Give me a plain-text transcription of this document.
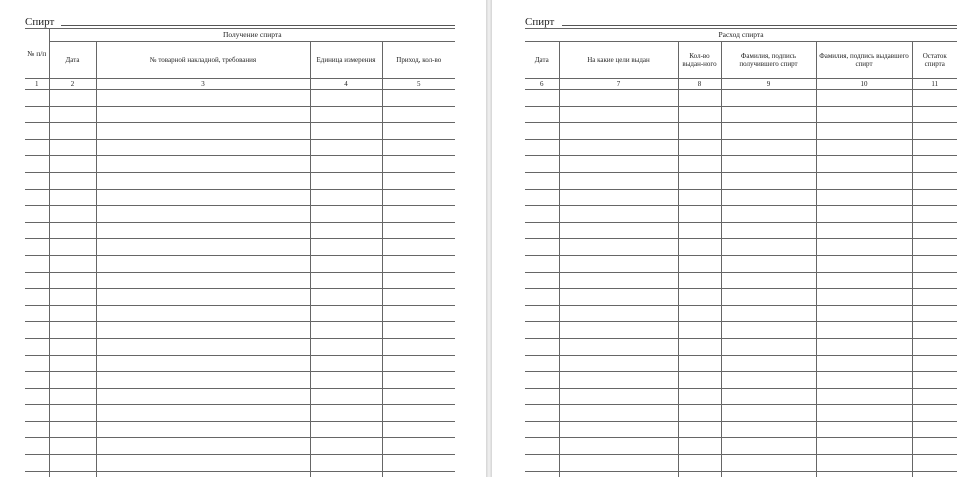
Спирт
№ п/п	Получение спирта			
	Дата	№ товарной накладной, требования	Единица измерения	Приход, кол-во
1	2	3	4	5

Спирт
Расход спирта					
Дата	На какие цели выдан	Кол-во выдан-ного	Фамилия, подпись получившего спирт	Фамилия, подпись выдавшего спирт	Остаток спирта
6	7	8	9	10	11
